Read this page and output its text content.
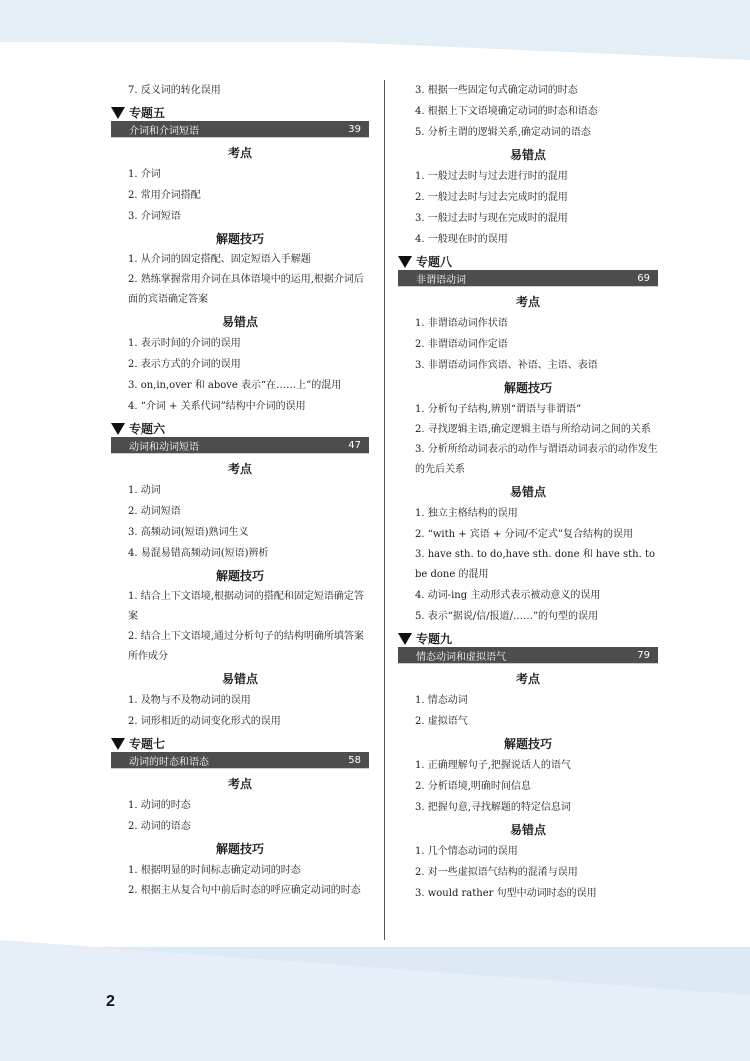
7. 反义词的转化误用
专题五
介词和介词短语	39
考点
1. 介词
2. 常用介词搭配
3. 介词短语
解题技巧
1. 从介词的固定搭配、固定短语入手解题
2. 熟练掌握常用介词在具体语境中的运用,根据介词后面的宾语确定答案
易错点
1. 表示时间的介词的误用
2. 表示方式的介词的误用
3. on,in,over 和 above 表示“在……上”的混用
4. “介词 + 关系代词”结构中介词的误用
专题六
动词和动词短语	47
考点
1. 动词
2. 动词短语
3. 高频动词(短语)熟词生义
4. 易混易错高频动词(短语)辨析
解题技巧
1. 结合上下文语境,根据动词的搭配和固定短语确定答案
2. 结合上下文语境,通过分析句子的结构明确所填答案所作成分
易错点
1. 及物与不及物动词的误用
2. 词形相近的动词变化形式的误用
专题七
动词的时态和语态	58
考点
1. 动词的时态
2. 动词的语态
解题技巧
1. 根据明显的时间标志确定动词的时态
2. 根据主从复合句中前后时态的呼应确定动词的时态
3. 根据一些固定句式确定动词的时态
4. 根据上下文语境确定动词的时态和语态
5. 分析主谓的逻辑关系,确定动词的语态
易错点
1. 一般过去时与过去进行时的混用
2. 一般过去时与过去完成时的混用
3. 一般过去时与现在完成时的混用
4. 一般现在时的误用
专题八
非谓语动词	69
考点
1. 非谓语动词作状语
2. 非谓语动词作定语
3. 非谓语动词作宾语、补语、主语、表语
解题技巧
1. 分析句子结构,辨别“谓语与非谓语”
2. 寻找逻辑主语,确定逻辑主语与所给动词之间的关系
3. 分析所给动词表示的动作与谓语动词表示的动作发生的先后关系
易错点
1. 独立主格结构的误用
2. “with + 宾语 + 分词/不定式”复合结构的误用
3. have sth. to do,have sth. done 和 have sth. to be done 的混用
4. 动词-ing 主动形式表示被动意义的误用
5. 表示“据说/信/报道/……”的句型的误用
专题九
情态动词和虚拟语气	79
考点
1. 情态动词
2. 虚拟语气
解题技巧
1. 正确理解句子,把握说话人的语气
2. 分析语境,明确时间信息
3. 把握句意,寻找解题的特定信息词
易错点
1. 几个情态动词的误用
2. 对一些虚拟语气结构的混淆与误用
3. would rather 句型中动词时态的误用
2
